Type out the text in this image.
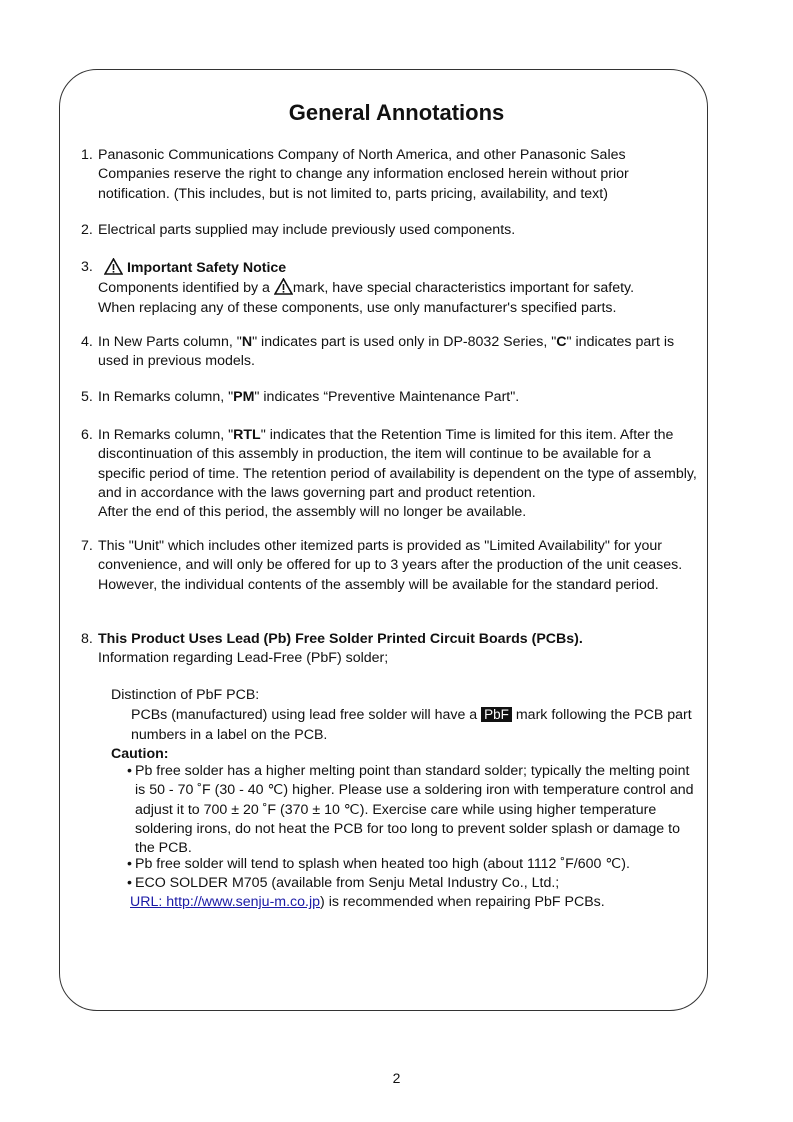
General Annotations
1. Panasonic Communications Company of North America, and other Panasonic Sales Companies reserve the right to change any information enclosed herein without prior notification. (This includes, but is not limited to, parts pricing, availability, and text)
2. Electrical parts supplied may include previously used components.
3.	Important Safety Notice
Components identified by a mark, have special characteristics important for safety.
When replacing any of these components, use only manufacturer's specified parts.
4. In New Parts column, "N" indicates part is used only in DP-8032 Series, "C" indicates part is used in previous models.
5. In Remarks column, "PM" indicates “Preventive Maintenance Part".
6. In Remarks column, "RTL" indicates that the Retention Time is limited for this item. After the discontinuation of this assembly in production, the item will continue to be available for a specific period of time. The retention period of availability is dependent on the type of assembly, and in accordance with the laws governing part and product retention.
After the end of this period, the assembly will no longer be available.
7. This "Unit" which includes other itemized parts is provided as "Limited Availability" for your convenience, and will only be offered for up to 3 years after the production of the unit ceases. However, the individual contents of the assembly will be available for the standard period.
8. This Product Uses Lead (Pb) Free Solder Printed Circuit Boards (PCBs).
Information regarding Lead-Free (PbF) solder;
Distinction of PbF PCB:
PCBs (manufactured) using lead free solder will have a PbF mark following the PCB part numbers in a label on the PCB.
Caution:
• Pb free solder has a higher melting point than standard solder; typically the melting point is 50 - 70 ˚F (30 - 40 ℃) higher. Please use a soldering iron with temperature control and adjust it to 700 ± 20 ˚F (370 ± 10 ℃). Exercise care while using higher temperature soldering irons, do not heat the PCB for too long to prevent solder splash or damage to the PCB.
• Pb free solder will tend to splash when heated too high (about 1112 ˚F/600 ℃).
• ECO SOLDER M705 (available from Senju Metal Industry Co., Ltd.;
URL: http://www.senju-m.co.jp) is recommended when repairing PbF PCBs.
2
